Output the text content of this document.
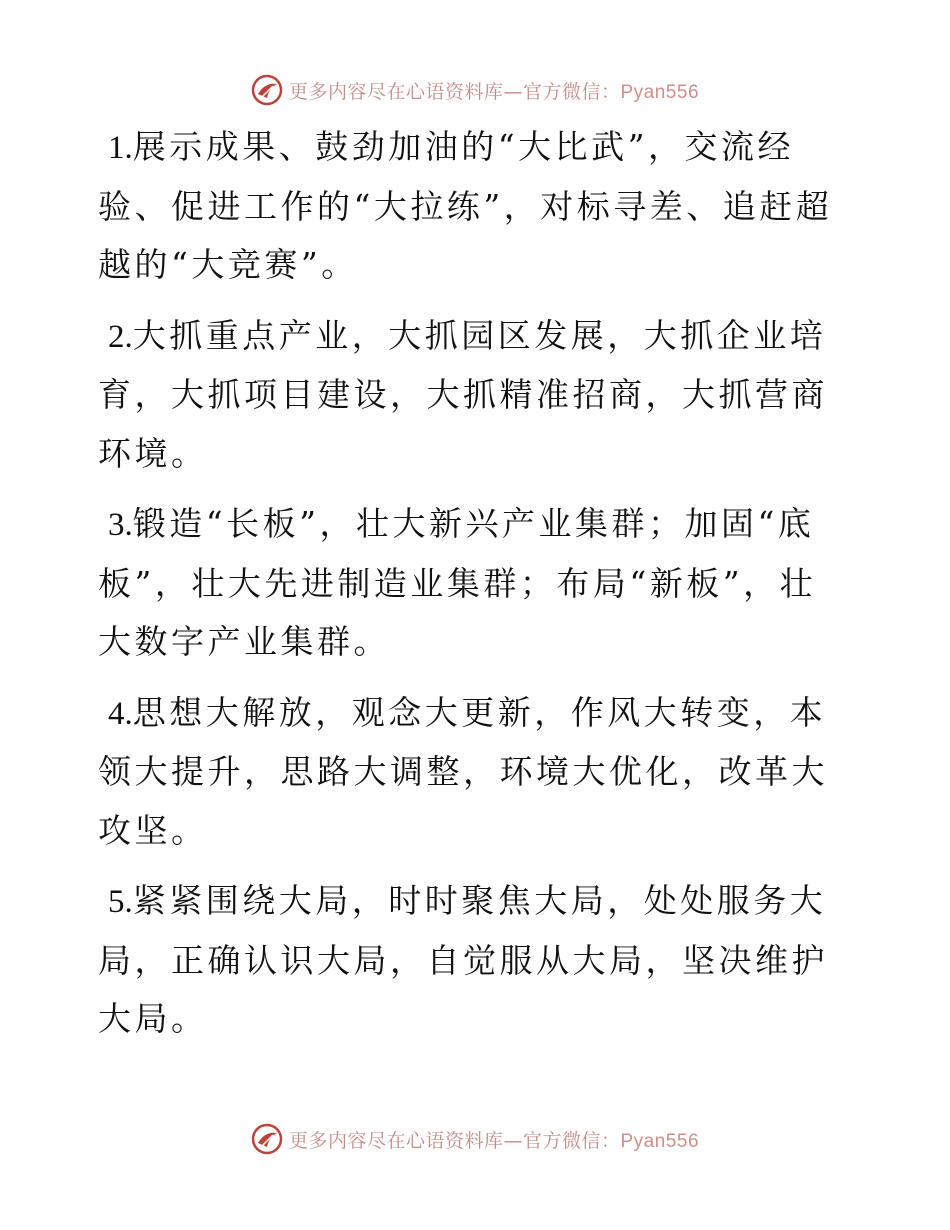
更多内容尽在心语资料库—官方微信：Pyan556

1.展示成果、鼓劲加油的“大比武”，交流经验、促进工作的“大拉练”，对标寻差、追赶超越的“大竞赛”。

2.大抓重点产业，大抓园区发展，大抓企业培育，大抓项目建设，大抓精准招商，大抓营商环境。

3.锻造“长板”，壮大新兴产业集群；加固“底板”，壮大先进制造业集群；布局“新板”，壮大数字产业集群。

4.思想大解放，观念大更新，作风大转变，本领大提升，思路大调整，环境大优化，改革大攻坚。

5.紧紧围绕大局，时时聚焦大局，处处服务大局，正确认识大局，自觉服从大局，坚决维护大局。

更多内容尽在心语资料库—官方微信：Pyan556
